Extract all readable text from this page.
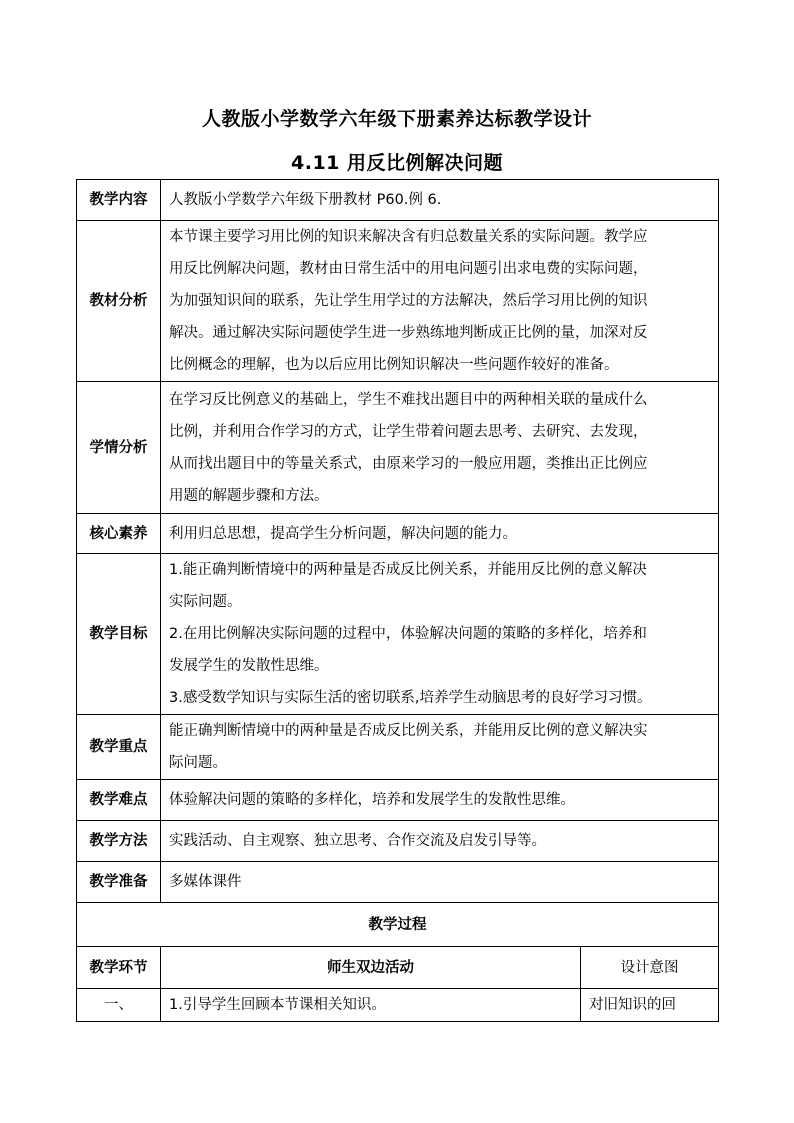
人教版小学数学六年级下册素养达标教学设计
4.11 用反比例解决问题
教学内容	人教版小学数学六年级下册教材 P60.例 6.	

教材分析	本节课主要学习用比例的知识来解决含有归总数量关系的实际问题。教学应
用反比例解决问题，教材由日常生活中的用电问题引出求电费的实际问题，
为加强知识间的联系，先让学生用学过的方法解决，然后学习用比例的知识
解决。通过解决实际问题使学生进一步熟练地判断成正比例的量，加深对反
比例概念的理解，也为以后应用比例知识解决一些问题作较好的准备。	

学情分析	在学习反比例意义的基础上，学生不难找出题目中的两种相关联的量成什么
比例，并利用合作学习的方式，让学生带着问题去思考、去研究、去发现，
从而找出题目中的等量关系式，由原来学习的一般应用题，类推出正比例应
用题的解题步骤和方法。	

核心素养	利用归总思想，提高学生分析问题，解决问题的能力。	

教学目标	1.能正确判断情境中的两种量是否成反比例关系，并能用反比例的意义解决
实际问题。
2.在用比例解决实际问题的过程中，体验解决问题的策略的多样化，培养和
发展学生的发散性思维。
3.感受数学知识与实际生活的密切联系,培养学生动脑思考的良好学习习惯。	

教学重点	能正确判断情境中的两种量是否成反比例关系，并能用反比例的意义解决实
际问题。	

教学难点	体验解决问题的策略的多样化，培养和发展学生的发散性思维。	

教学方法	实践活动、自主观察、独立思考、合作交流及启发引导等。	

教学准备	多媒体课件	

教学过程		
教学环节	师生双边活动	设计意图
一、	1.引导学生回顾本节课相关知识。	对旧知识的回
